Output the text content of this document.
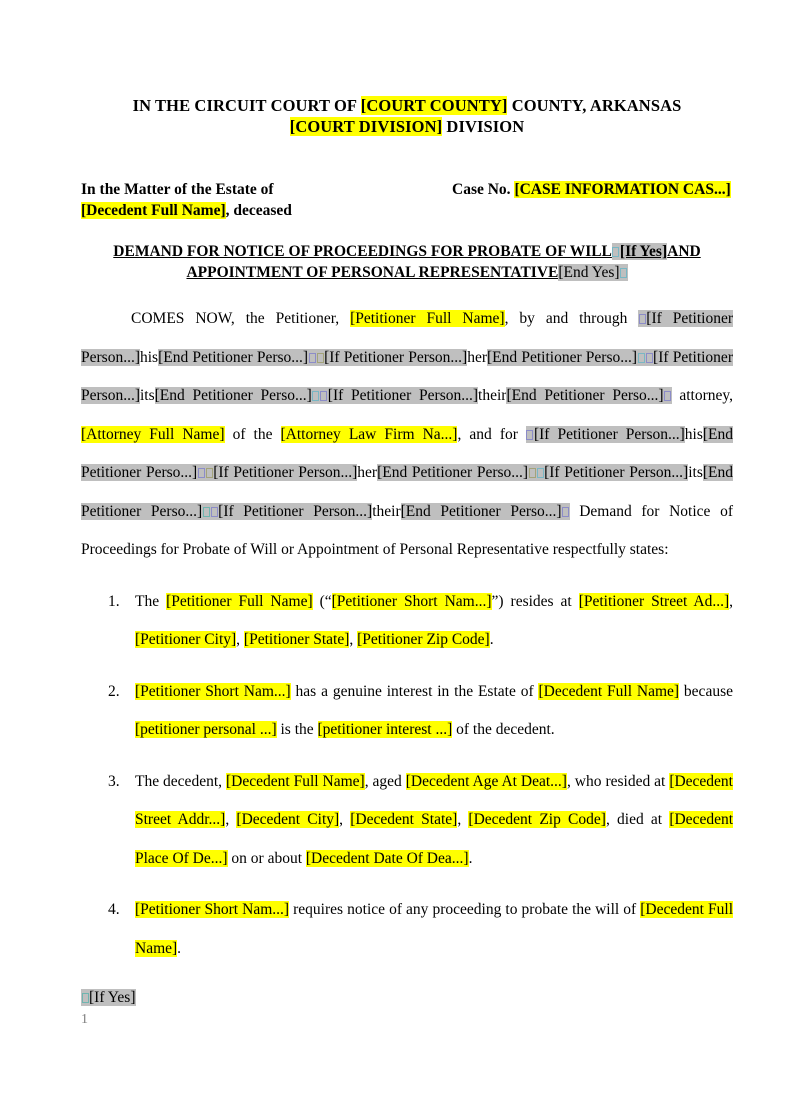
IN THE CIRCUIT COURT OF [COURT COUNTY] COUNTY, ARKANSAS
[COURT DIVISION] DIVISION
In the Matter of the Estate of
[Decedent Full Name], deceased
Case No. [CASE INFORMATION CAS...]
DEMAND FOR NOTICE OF PROCEEDINGS FOR PROBATE OF WILL [If Yes]AND APPOINTMENT OF PERSONAL REPRESENTATIVE[End Yes]
COMES NOW, the Petitioner, [Petitioner Full Name], by and through [If Petitioner Person...]his[End Petitioner Perso...] [If Petitioner Person...]her[End Petitioner Perso...] [If Petitioner Person...]its[End Petitioner Perso...] [If Petitioner Person...]their[End Petitioner Perso...] attorney, [Attorney Full Name] of the [Attorney Law Firm Na...], and for [If Petitioner Person...]his[End Petitioner Perso...] [If Petitioner Person...]her[End Petitioner Perso...] [If Petitioner Person...]its[End Petitioner Perso...] [If Petitioner Person...]their[End Petitioner Perso...] Demand for Notice of Proceedings for Probate of Will or Appointment of Personal Representative respectfully states:
The [Petitioner Full Name] (“[Petitioner Short Nam...]”) resides at [Petitioner Street Ad...], [Petitioner City], [Petitioner State], [Petitioner Zip Code].
[Petitioner Short Nam...] has a genuine interest in the Estate of [Decedent Full Name] because [petitioner personal ...] is the [petitioner interest ...] of the decedent.
The decedent, [Decedent Full Name], aged [Decedent Age At Deat...], who resided at [Decedent Street Addr...], [Decedent City], [Decedent State], [Decedent Zip Code], died at [Decedent Place Of De...] on or about [Decedent Date Of Dea...].
[Petitioner Short Nam...] requires notice of any proceeding to probate the will of [Decedent Full Name].
[If Yes]
1
